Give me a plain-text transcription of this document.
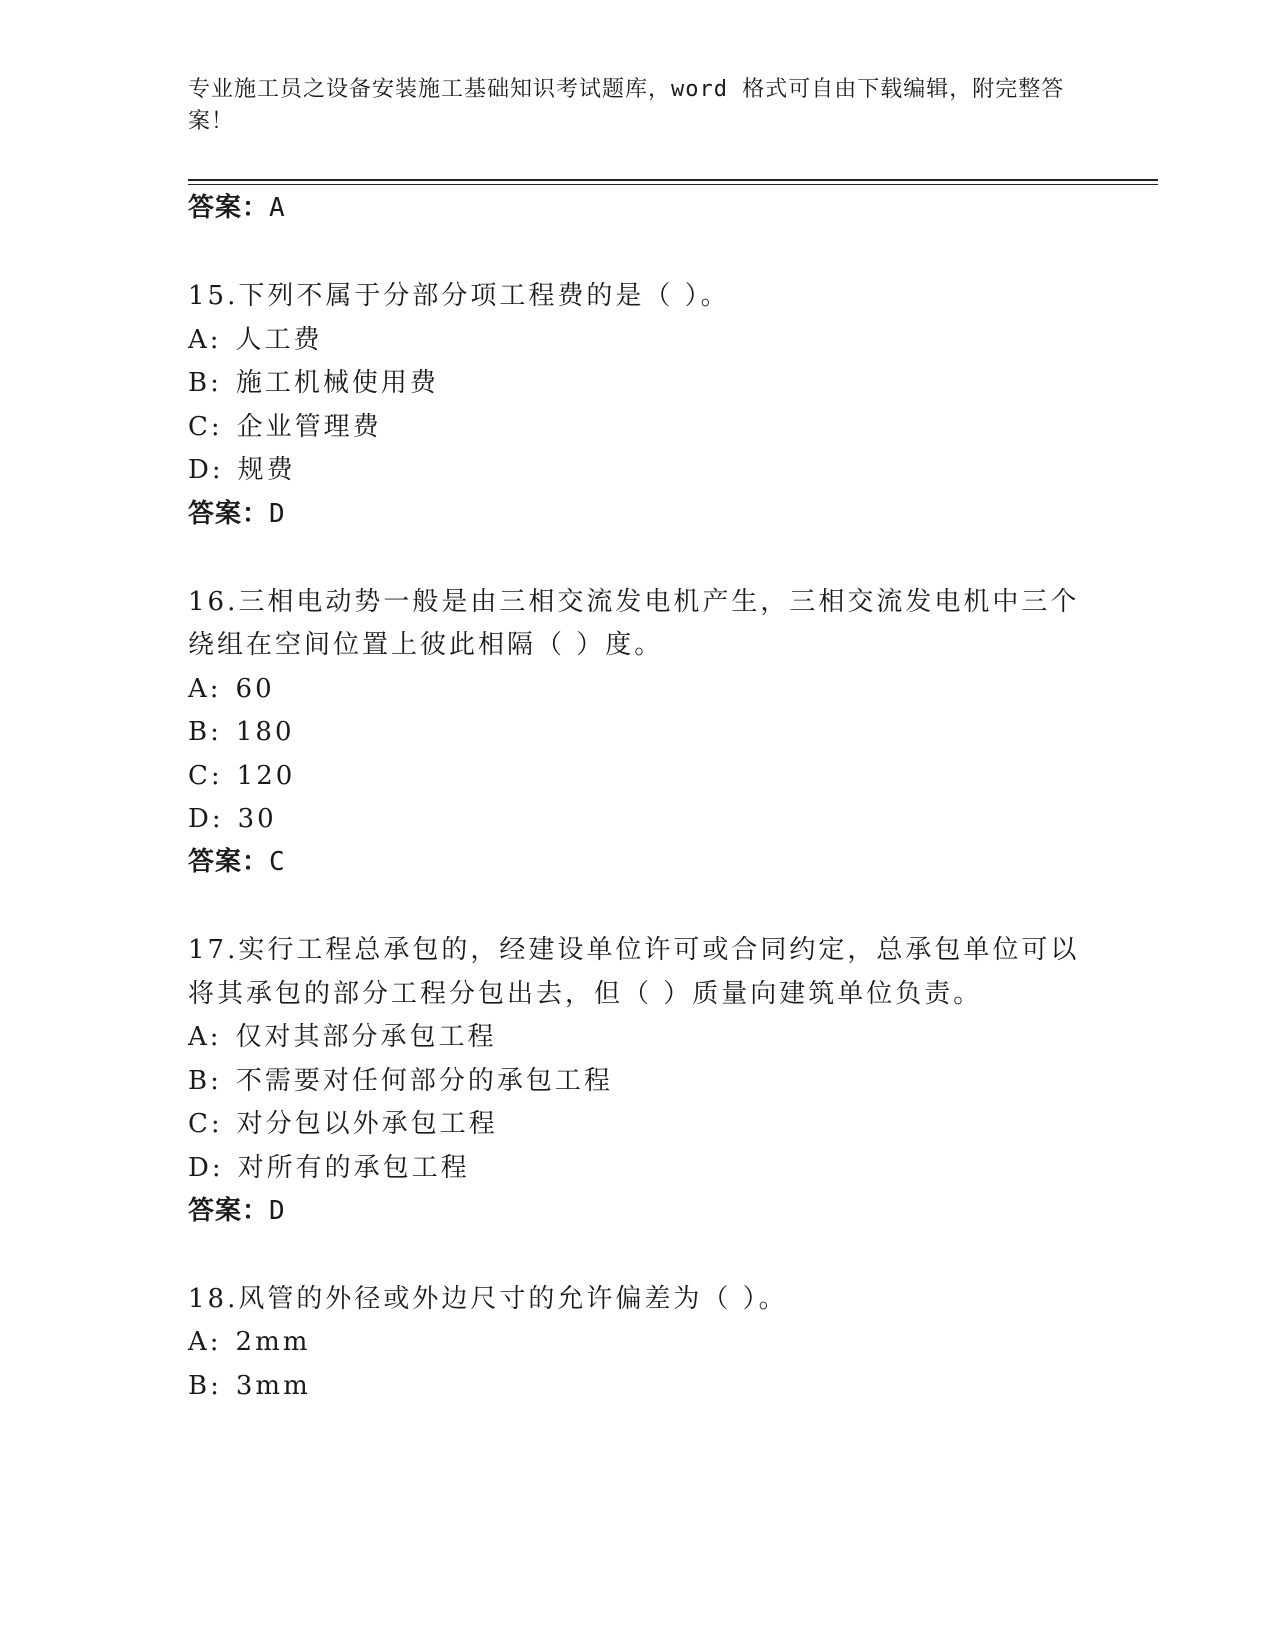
专业施工员之设备安装施工基础知识考试题库，word 格式可自由下载编辑，附完整答案！
答案：A
15.下列不属于分部分项工程费的是（ ）。
A: 人工费
B: 施工机械使用费
C: 企业管理费
D: 规费
答案：D
16.三相电动势一般是由三相交流发电机产生，三相交流发电机中三个
绕组在空间位置上彼此相隔（ ）度。
A: 60
B: 180
C: 120
D: 30
答案：C
17.实行工程总承包的，经建设单位许可或合同约定，总承包单位可以
将其承包的部分工程分包出去，但（ ）质量向建筑单位负责。
A: 仅对其部分承包工程
B: 不需要对任何部分的承包工程
C: 对分包以外承包工程
D: 对所有的承包工程
答案：D
18.风管的外径或外边尺寸的允许偏差为（ ）。
A: 2mm
B: 3mm
